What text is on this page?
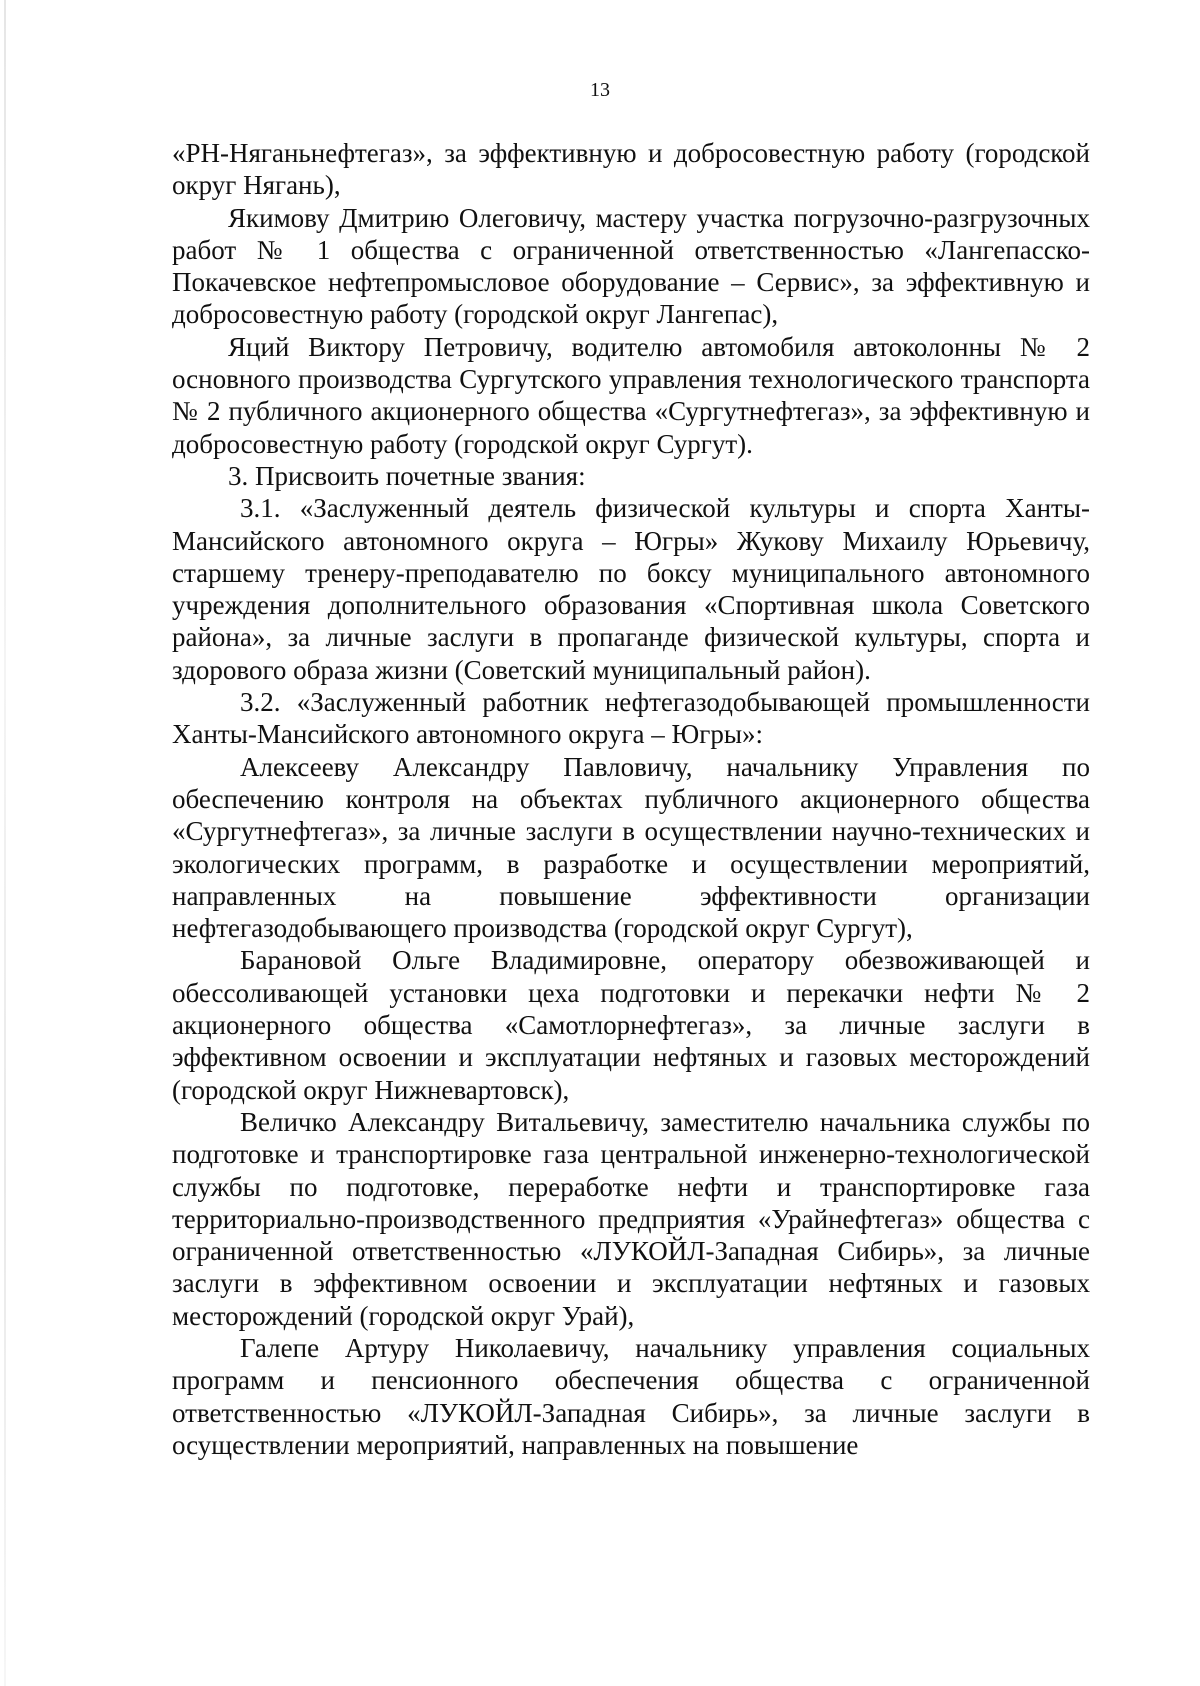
13

«РН-Няганьнефтегаз», за эффективную и добросовестную работу (городской округ Нягань),

Якимову Дмитрию Олеговичу, мастеру участка погрузочно-разгрузочных работ № 1 общества с ограниченной ответственностью «Лангепасско-Покачевское нефтепромысловое оборудование – Сервис», за эффективную и добросовестную работу (городской округ Лангепас),

Яций Виктору Петровичу, водителю автомобиля автоколонны № 2 основного производства Сургутского управления технологического транспорта № 2 публичного акционерного общества «Сургутнефтегаз», за эффективную и добросовестную работу (городской округ Сургут).

3. Присвоить почетные звания:

3.1. «Заслуженный деятель физической культуры и спорта Ханты-Мансийского автономного округа – Югры» Жукову Михаилу Юрьевичу, старшему тренеру-преподавателю по боксу муниципального автономного учреждения дополнительного образования «Спортивная школа Советского района», за личные заслуги в пропаганде физической культуры, спорта и здорового образа жизни (Советский муниципальный район).

3.2. «Заслуженный работник нефтегазодобывающей промышленности Ханты-Мансийского автономного округа – Югры»:

Алексееву Александру Павловичу, начальнику Управления по обеспечению контроля на объектах публичного акционерного общества «Сургутнефтегаз», за личные заслуги в осуществлении научно-технических и экологических программ, в разработке и осуществлении мероприятий, направленных на повышение эффективности организации нефтегазодобывающего производства (городской округ Сургут),

Барановой Ольге Владимировне, оператору обезвоживающей и обессоливающей установки цеха подготовки и перекачки нефти № 2 акционерного общества «Самотлорнефтегаз», за личные заслуги в эффективном освоении и эксплуатации нефтяных и газовых месторождений (городской округ Нижневартовск),

Величко Александру Витальевичу, заместителю начальника службы по подготовке и транспортировке газа центральной инженерно-технологической службы по подготовке, переработке нефти и транспортировке газа территориально-производственного предприятия «Урайнефтегаз» общества с ограниченной ответственностью «ЛУКОЙЛ-Западная Сибирь», за личные заслуги в эффективном освоении и эксплуатации нефтяных и газовых месторождений (городской округ Урай),

Галепе Артуру Николаевичу, начальнику управления социальных программ и пенсионного обеспечения общества с ограниченной ответственностью «ЛУКОЙЛ-Западная Сибирь», за личные заслуги в осуществлении мероприятий, направленных на повышение
